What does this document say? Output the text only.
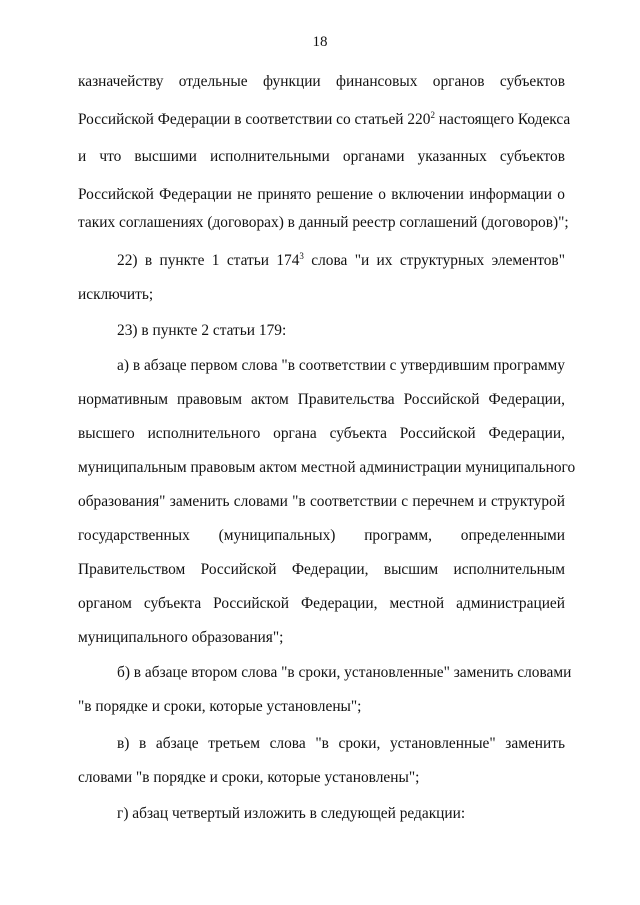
18
казначейству отдельные функции финансовых органов субъектов
Российской Федерации в соответствии со статьей $220^2$ настоящего Кодекса
и что высшими исполнительными органами указанных субъектов
Российской Федерации не принято решение о включении информации о
таких соглашениях (договорах) в данный реестр соглашений (договоров)";
22) в пункте 1 статьи $174^3$ слова "и их структурных элементов"
исключить;
23) в пункте 2 статьи 179:
а) в абзаце первом слова "в соответствии с утвердившим программу
нормативным правовым актом Правительства Российской Федерации,
высшего исполнительного органа субъекта Российской Федерации,
муниципальным правовым актом местной администрации муниципального
образования" заменить словами "в соответствии с перечнем и структурой
государственных (муниципальных) программ, определенными
Правительством Российской Федерации, высшим исполнительным
органом субъекта Российской Федерации, местной администрацией
муниципального образования";
б) в абзаце втором слова "в сроки, установленные" заменить словами
"в порядке и сроки, которые установлены";
в) в абзаце третьем слова "в сроки, установленные" заменить
словами "в порядке и сроки, которые установлены";
г) абзац четвертый изложить в следующей редакции:
